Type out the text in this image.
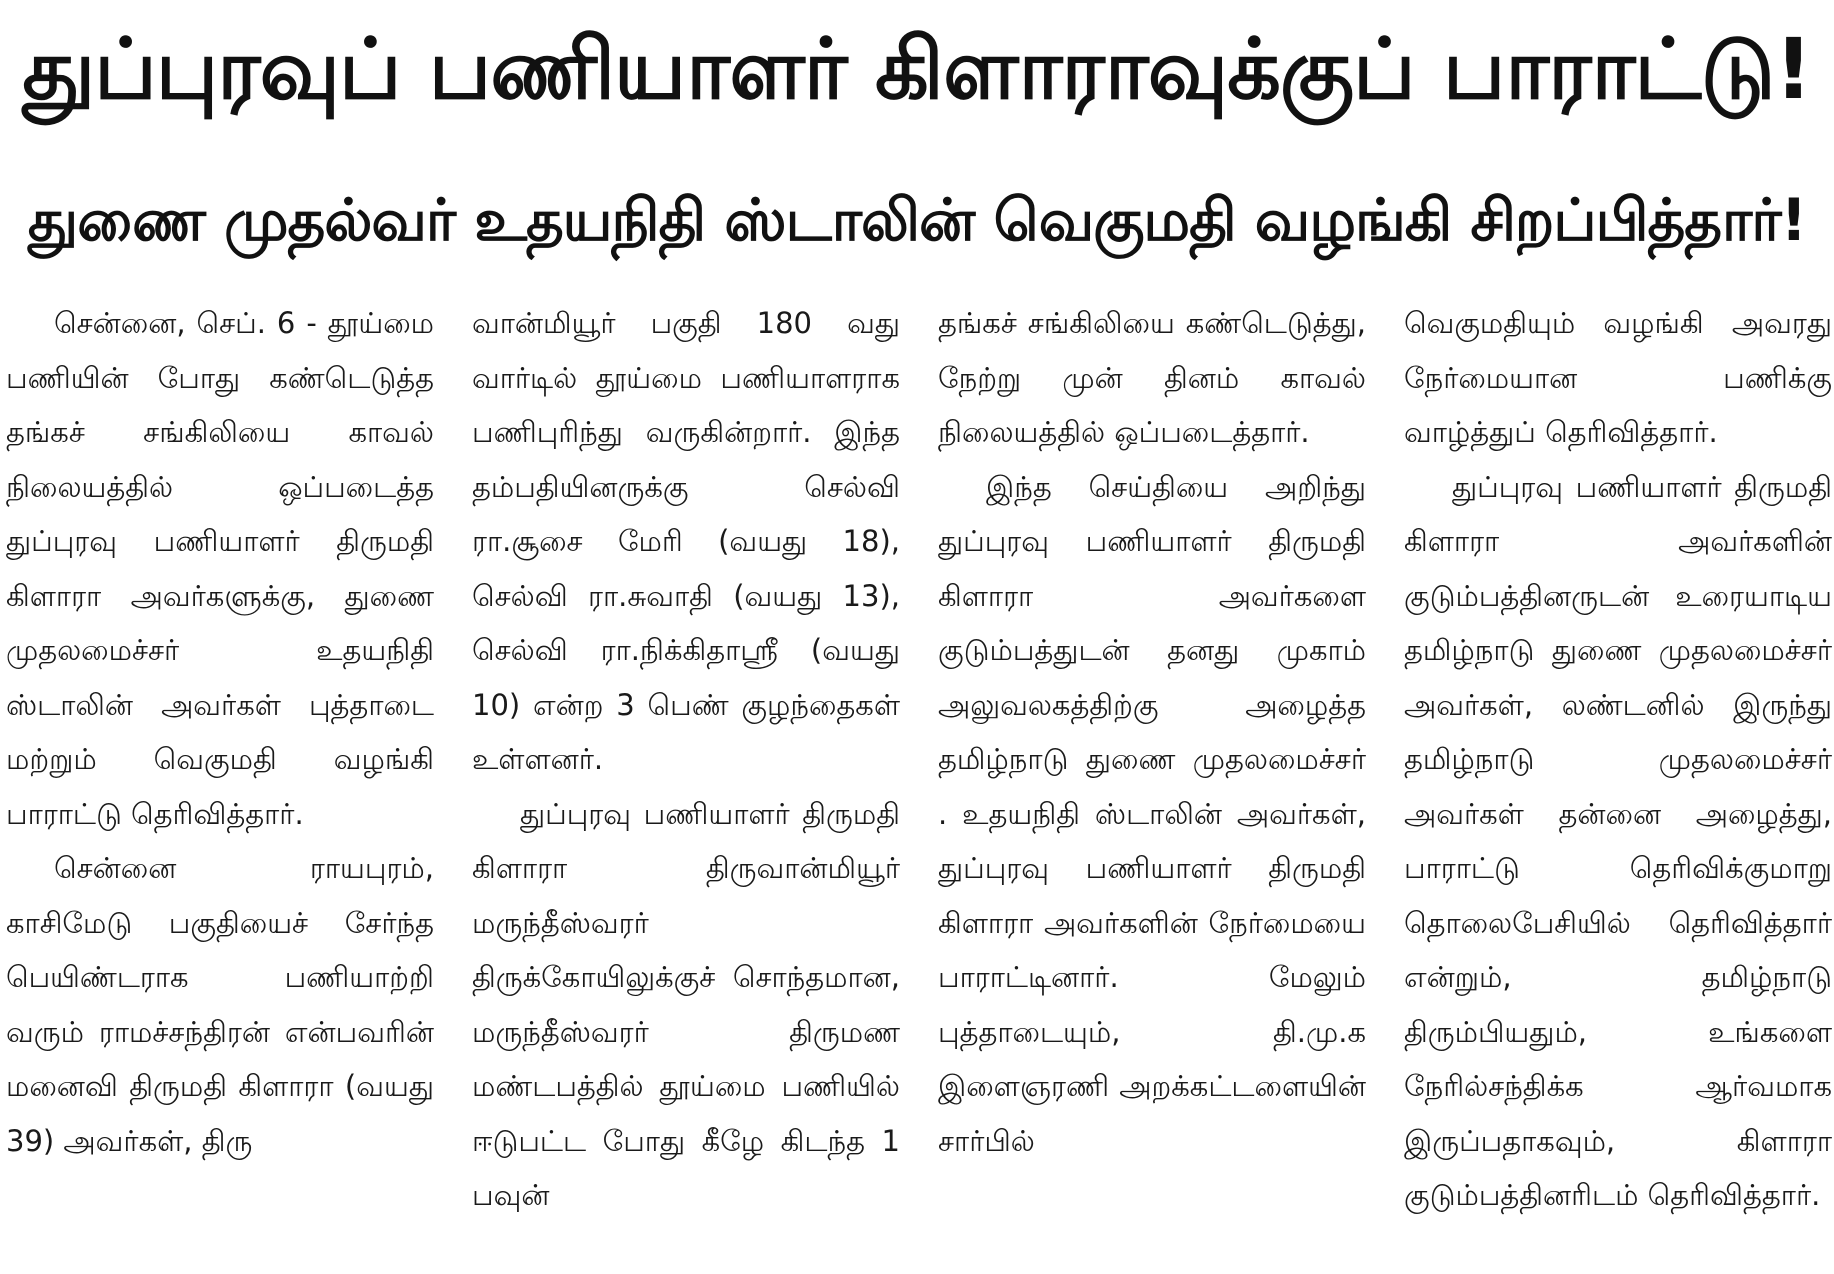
துப்புரவுப் பணியாளர் கிளாராவுக்குப் பாராட்டு!
துணை முதல்வர் உதயநிதி ஸ்டாலின் வெகுமதி வழங்கி சிறப்பித்தார்!

சென்னை, செப். 6 - தூய்மை பணியின் போது கண்டெடுத்த தங்கச் சங்கிலியை காவல் நிலையத்தில் ஒப்படைத்த துப்புரவு பணியாளர் திருமதி கிளாரா அவர்களுக்கு, துணை முதலமைச்சர் உதயநிதி ஸ்டாலின் அவர்கள் புத்தாடை மற்றும் வெகுமதி வழங்கி பாராட்டு தெரிவித்தார்.

சென்னை ராயபுரம், காசிமேடு பகுதியைச் சேர்ந்த பெயிண்டராக பணியாற்றி வரும் ராமச்சந்திரன் என்பவரின் மனைவி திருமதி கிளாரா (வயது 39) அவர்கள், திரு

வான்மியூர் பகுதி 180 வது வார்டில் தூய்மை பணியாளராக பணிபுரிந்து வருகின்றார். இந்த தம்பதியினருக்கு செல்வி ரா.சூசை மேரி (வயது 18), செல்வி ரா.சுவாதி (வயது 13), செல்வி ரா.நிக்கிதாஸ்ரீ (வயது 10) என்ற 3 பெண் குழந்தைகள் உள்ளனர்.

துப்புரவு பணியாளர் திருமதி கிளாரா திருவான்மியூர் மருந்தீஸ்வரர் திருக்கோயிலுக்குச் சொந்தமான, மருந்தீஸ்வரர் திருமண மண்டபத்தில் தூய்மை பணியில் ஈடுபட்ட போது கீழே கிடந்த 1 பவுன்

தங்கச் சங்கிலியை கண்டெடுத்து, நேற்று முன் தினம் காவல் நிலையத்தில் ஒப்படைத்தார்.

இந்த செய்தியை அறிந்து துப்புரவு பணியாளர் திருமதி கிளாரா அவர்களை குடும்பத்துடன் தனது முகாம் அலுவலகத்திற்கு அழைத்த தமிழ்நாடு துணை முதலமைச்சர் . உதயநிதி ஸ்டாலின் அவர்கள், துப்புரவு பணியாளர் திருமதி கிளாரா அவர்களின் நேர்மையை பாராட்டினார். மேலும் புத்தாடையும், தி.மு.க இளைஞரணி அறக்கட்டளையின் சார்பில்

வெகுமதியும் வழங்கி அவரது நேர்மையான பணிக்கு வாழ்த்துப் தெரிவித்தார்.

துப்புரவு பணியாளர் திருமதி கிளாரா அவர்களின் குடும்பத்தினருடன் உரையாடிய தமிழ்நாடு துணை முதலமைச்சர் அவர்கள், லண்டனில் இருந்து தமிழ்நாடு முதலமைச்சர் அவர்கள் தன்னை அழைத்து, பாராட்டு தெரிவிக்குமாறு தொலைபேசியில் தெரிவித்தார் என்றும், தமிழ்நாடு திரும்பியதும், உங்களை நேரில்சந்திக்க ஆர்வமாக இருப்பதாகவும், கிளாரா குடும்பத்தினரிடம் தெரிவித்தார்.
